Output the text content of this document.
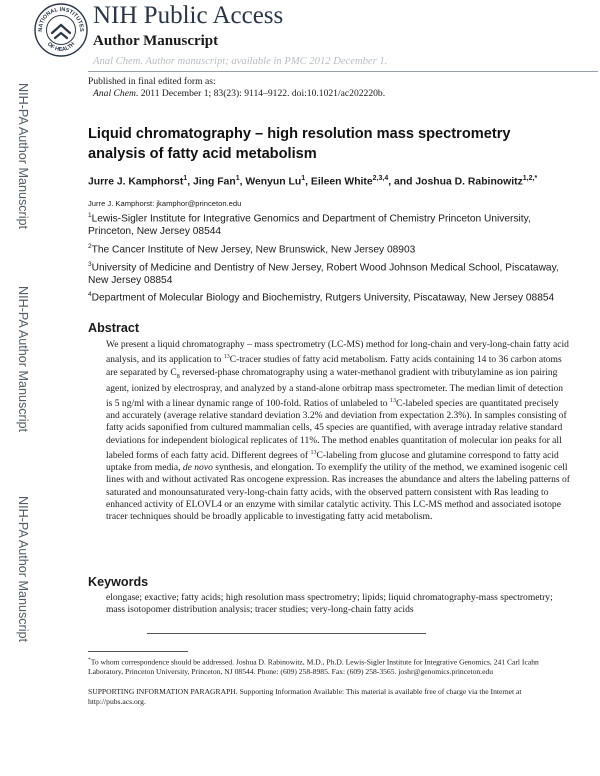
NATIONAL INSTITUTES
OF HEALTH
NIH Public Access
Author Manuscript
Anal Chem. Author manuscript; available in PMC 2012 December 1.
Published in final edited form as:
Anal Chem. 2011 December 1; 83(23): 9114–9122. doi:10.1021/ac202220b.
NIH-PA Author Manuscript
NIH-PA Author Manuscript
NIH-PA Author Manuscript
Liquid chromatography – high resolution mass spectrometry analysis of fatty acid metabolism
Jurre J. Kamphorst$^1$, Jing Fan$^1$, Wenyun Lu$^1$, Eileen White$^{2,3,4}$, and Joshua D. Rabinowitz$^{1,2,*}$
Jurre J. Kamphorst: jkamphor@princeton.edu
$^1$Lewis-Sigler Institute for Integrative Genomics and Department of Chemistry Princeton University, Princeton, New Jersey 08544
$^2$The Cancer Institute of New Jersey, New Brunswick, New Jersey 08903
$^3$University of Medicine and Dentistry of New Jersey, Robert Wood Johnson Medical School, Piscataway, New Jersey 08854
$^4$Department of Molecular Biology and Biochemistry, Rutgers University, Piscataway, New Jersey 08854
Abstract
We present a liquid chromatography – mass spectrometry (LC-MS) method for long-chain and very-long-chain fatty acid analysis, and its application to $^{13}$C-tracer studies of fatty acid metabolism. Fatty acids containing 14 to 36 carbon atoms are separated by $C_8$ reversed-phase chromatography using a water-methanol gradient with tributylamine as ion pairing agent, ionized by electrospray, and analyzed by a stand-alone orbitrap mass spectrometer. The median limit of detection is 5 ng/ml with a linear dynamic range of 100-fold. Ratios of unlabeled to $^{13}$C-labeled species are quantitated precisely and accurately (average relative standard deviation 3.2% and deviation from expectation 2.3%). In samples consisting of fatty acids saponified from cultured mammalian cells, 45 species are quantified, with average intraday relative standard deviations for independent biological replicates of 11%. The method enables quantitation of molecular ion peaks for all labeled forms of each fatty acid. Different degrees of $^{13}$C-labeling from glucose and glutamine correspond to fatty acid uptake from media, de novo synthesis, and elongation. To exemplify the utility of the method, we examined isogenic cell lines with and without activated Ras oncogene expression. Ras increases the abundance and alters the labeling patterns of saturated and monounsaturated very-long-chain fatty acids, with the observed pattern consistent with Ras leading to enhanced activity of ELOVL4 or an enzyme with similar catalytic activity. This LC-MS method and associated isotope tracer techniques should be broadly applicable to investigating fatty acid metabolism.
Keywords
elongase; exactive; fatty acids; high resolution mass spectrometry; lipids; liquid chromatography-mass spectrometry; mass isotopomer distribution analysis; tracer studies; very-long-chain fatty acids
*To whom correspondence should be addressed. Joshua D. Rabinowitz, M.D., Ph.D. Lewis-Sigler Institute for Integrative Genomics, 241 Carl Icahn Laboratory, Princeton University, Princeton, NJ 08544. Phone: (609) 258-8985. Fax: (609) 258-3565. joshr@genomics.princeton.edu
SUPPORTING INFORMATION PARAGRAPH. Supporting Information Available: This material is available free of charge via the Internet at http://pubs.acs.org.
